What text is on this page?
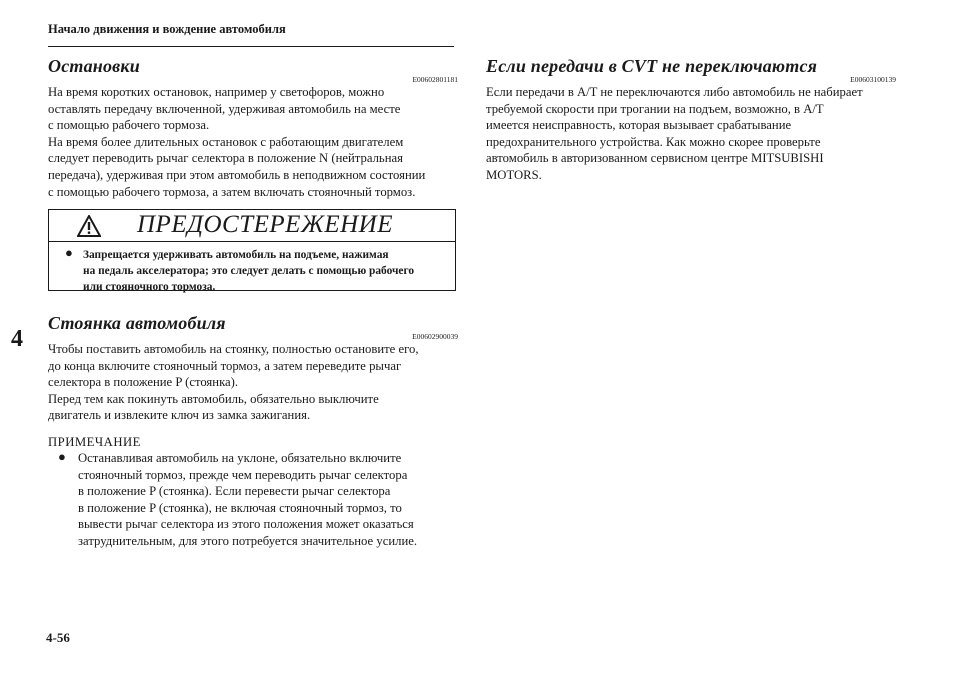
Начало движения и вождение автомобиля
4
Остановки
E00602801181

На время коротких остановок, например у светофоров, можно

оставлять передачу включенной, удерживая автомобиль на месте

с помощью рабочего тормоза.

На время более длительных остановок с работающим двигателем

следует переводить рычаг селектора в положение N (нейтральная

передача), удерживая при этом автомобиль в неподвижном состоянии

с помощью рабочего тормоза, а затем включать стояночный тормоз.

ПРЕДОСТЕРЕЖЕНИЕ
● Запрещается удерживать автомобиль на подъеме, нажимая
на педаль акселератора; это следует делать с помощью рабочего
или стояночного тормоза.
Стоянка автомобиля
E00602900039

Чтобы поставить автомобиль на стоянку, полностью остановите его,

до конца включите стояночный тормоз, а затем переведите рычаг

селектора в положение P (стоянка).

Перед тем как покинуть автомобиль, обязательно выключите

двигатель и извлеките ключ из замка зажигания.

ПРИМЕЧАНИЕ
● Останавливая автомобиль на уклоне, обязательно включите
стояночный тормоз, прежде чем переводить рычаг селектора
в положение P (стоянка). Если перевести рычаг селектора
в положение P (стоянка), не включая стояночный тормоз, то
вывести рычаг селектора из этого положения может оказаться
затруднительным, для этого потребуется значительное усилие.
Если передачи в CVT не переключаются
E00603100139

Если передачи в A/T не переключаются либо автомобиль не набирает

требуемой скорости при трогании на подъем, возможно, в A/T

имеется неисправность, которая вызывает срабатывание

предохранительного устройства. Как можно скорее проверьте

автомобиль в авторизованном сервисном центре MITSUBISHI

MOTORS.

4-56
